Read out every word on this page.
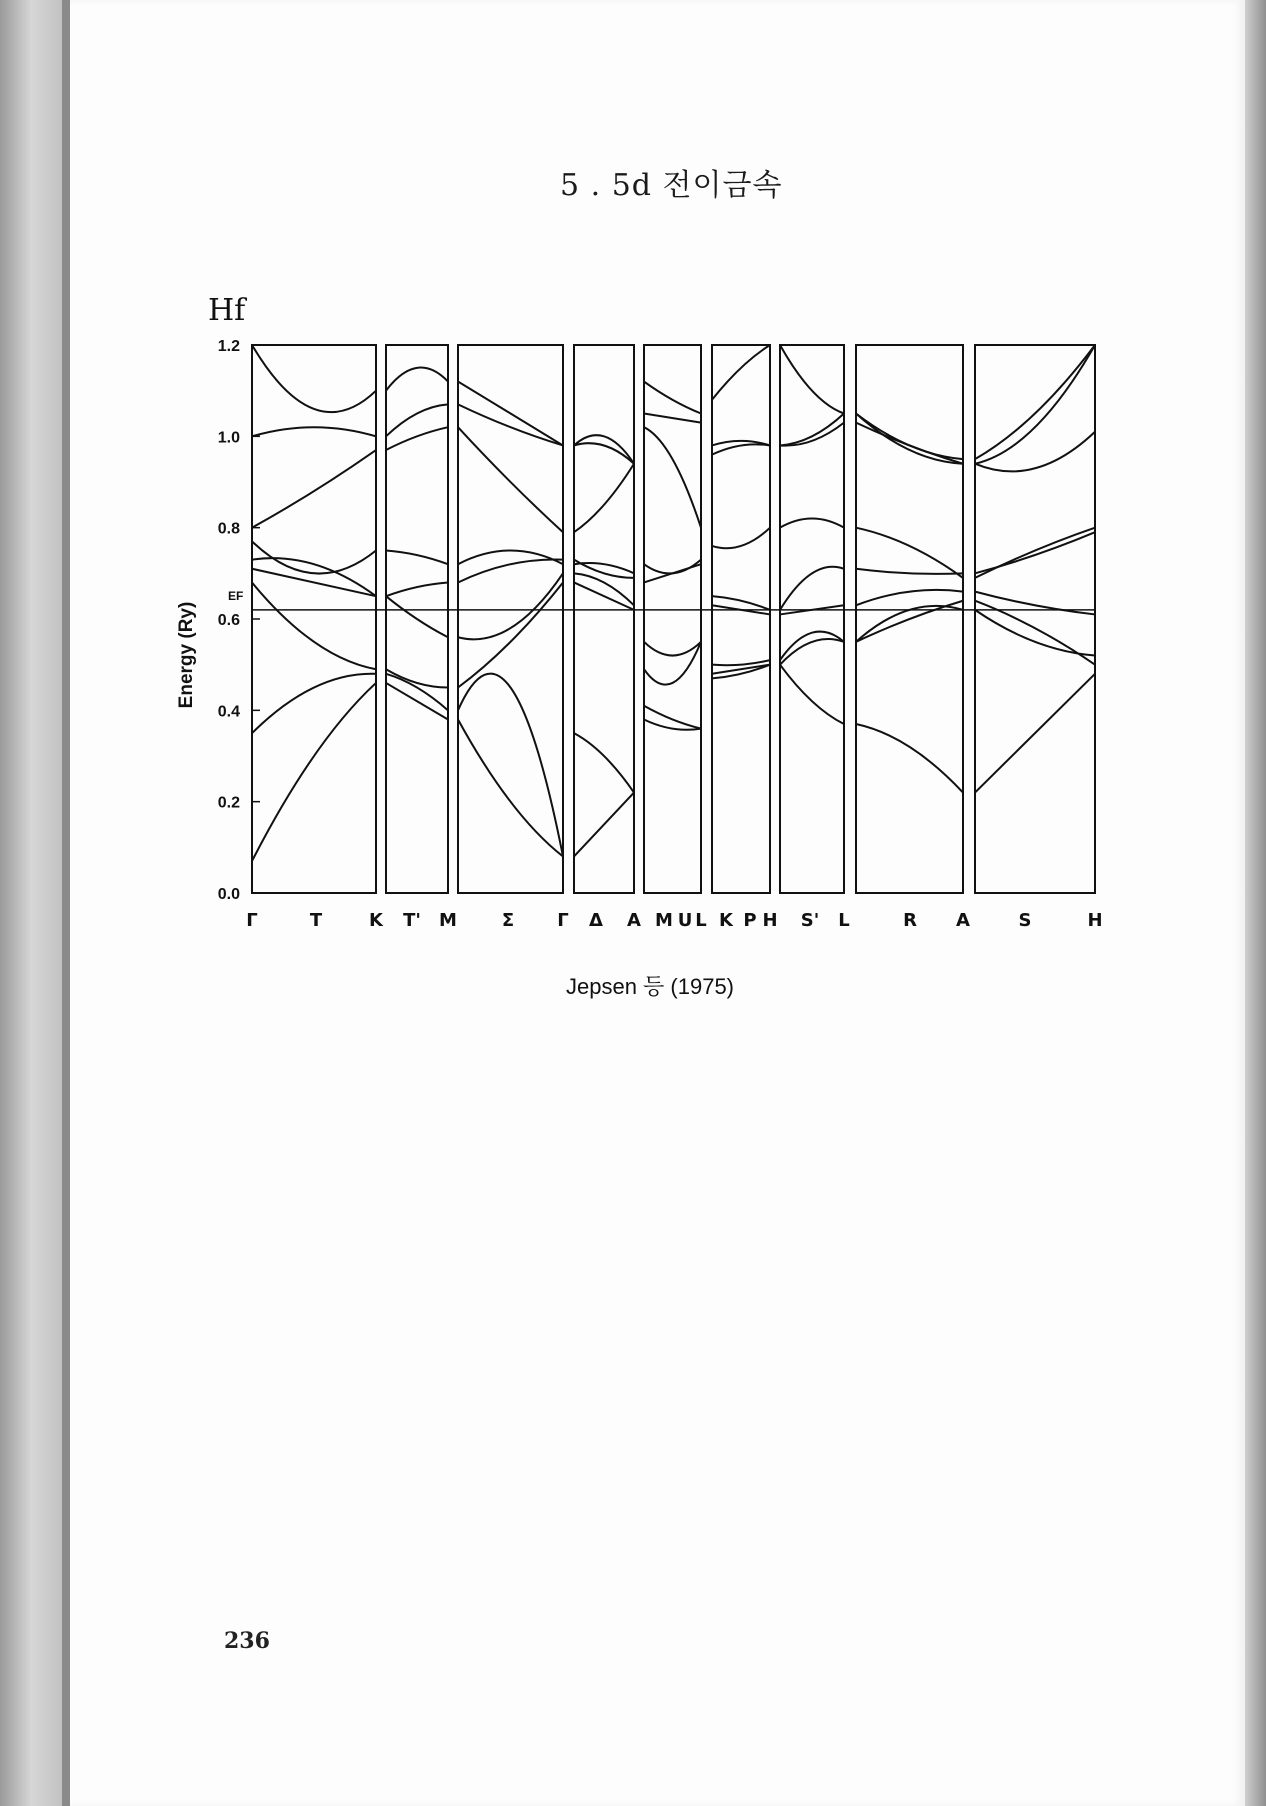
5 . 5d 전이금속
Hf
Energy (Ry)
0.0
0.2
0.4
0.6
0.8
1.0
1.2
EF
Γ	T	K T' M Σ Γ Δ A M U L K P H S' L	R A	S	H
Jepsen 등 (1975)
236
